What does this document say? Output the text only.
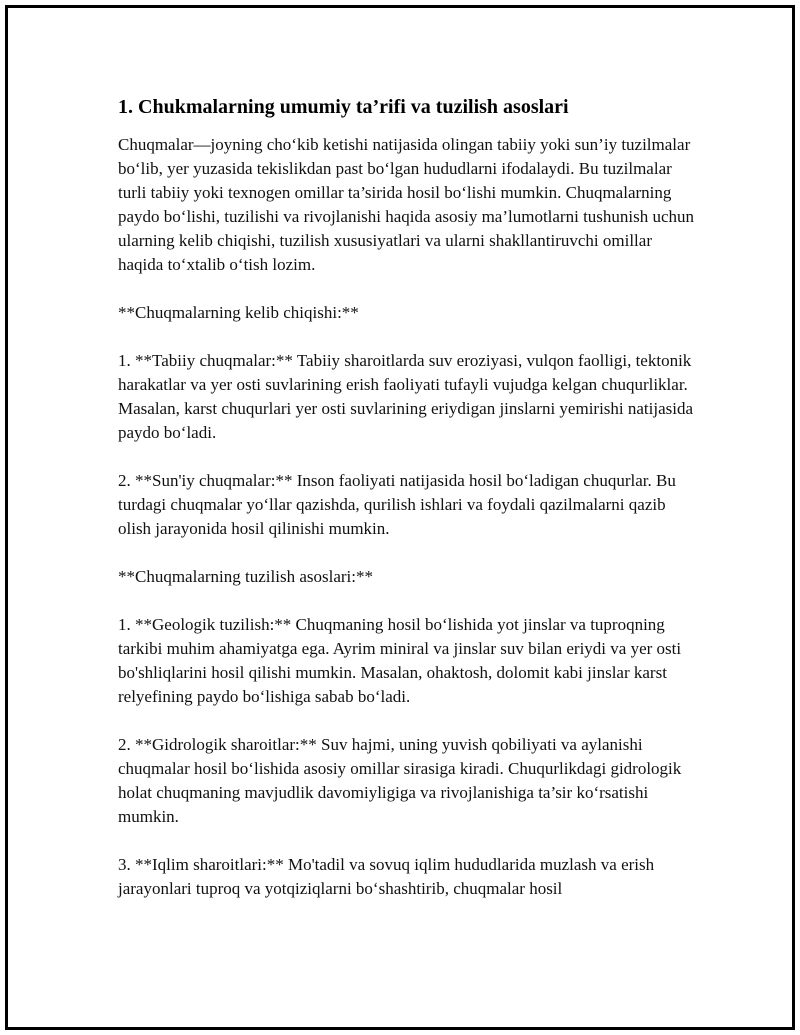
1. Chukmalarning umumiy ta’rifi va tuzilish asoslari

Chuqmalar—joyning cho‘kib ketishi natijasida olingan tabiiy yoki sun’iy tuzilmalar bo‘lib, yer yuzasida tekislikdan past bo‘lgan hududlarni ifodalaydi. Bu tuzilmalar turli tabiiy yoki texnogen omillar ta’sirida hosil bo‘lishi mumkin. Chuqmalarning paydo bo‘lishi, tuzilishi va rivojlanishi haqida asosiy ma’lumotlarni tushunish uchun ularning kelib chiqishi, tuzilish xususiyatlari va ularni shakllantiruvchi omillar haqida to‘xtalib o‘tish lozim.

**Chuqmalarning kelib chiqishi:**

1. **Tabiiy chuqmalar:** Tabiiy sharoitlarda suv eroziyasi, vulqon faolligi, tektonik harakatlar va yer osti suvlarining erish faoliyati tufayli vujudga kelgan chuqurliklar. Masalan, karst chuqurlari yer osti suvlarining eriydigan jinslarni yemirishi natijasida paydo bo‘ladi.

2. **Sun'iy chuqmalar:** Inson faoliyati natijasida hosil bo‘ladigan chuqurlar. Bu turdagi chuqmalar yo‘llar qazishda, qurilish ishlari va foydali qazilmalarni qazib olish jarayonida hosil qilinishi mumkin.

**Chuqmalarning tuzilish asoslari:**

1. **Geologik tuzilish:** Chuqmaning hosil bo‘lishida yot jinslar va tuproqning tarkibi muhim ahamiyatga ega. Ayrim miniral va jinslar suv bilan eriydi va yer osti bo'shliqlarini hosil qilishi mumkin. Masalan, ohaktosh, dolomit kabi jinslar karst relyefining paydo bo‘lishiga sabab bo‘ladi.

2. **Gidrologik sharoitlar:** Suv hajmi, uning yuvish qobiliyati va aylanishi chuqmalar hosil bo‘lishida asosiy omillar sirasiga kiradi. Chuqurlikdagi gidrologik holat chuqmaning mavjudlik davomiyligiga va rivojlanishiga ta’sir ko‘rsatishi mumkin.

3. **Iqlim sharoitlari:** Mo'tadil va sovuq iqlim hududlarida muzlash va erish jarayonlari tuproq va yotqiziqlarni bo‘shashtirib, chuqmalar hosil
